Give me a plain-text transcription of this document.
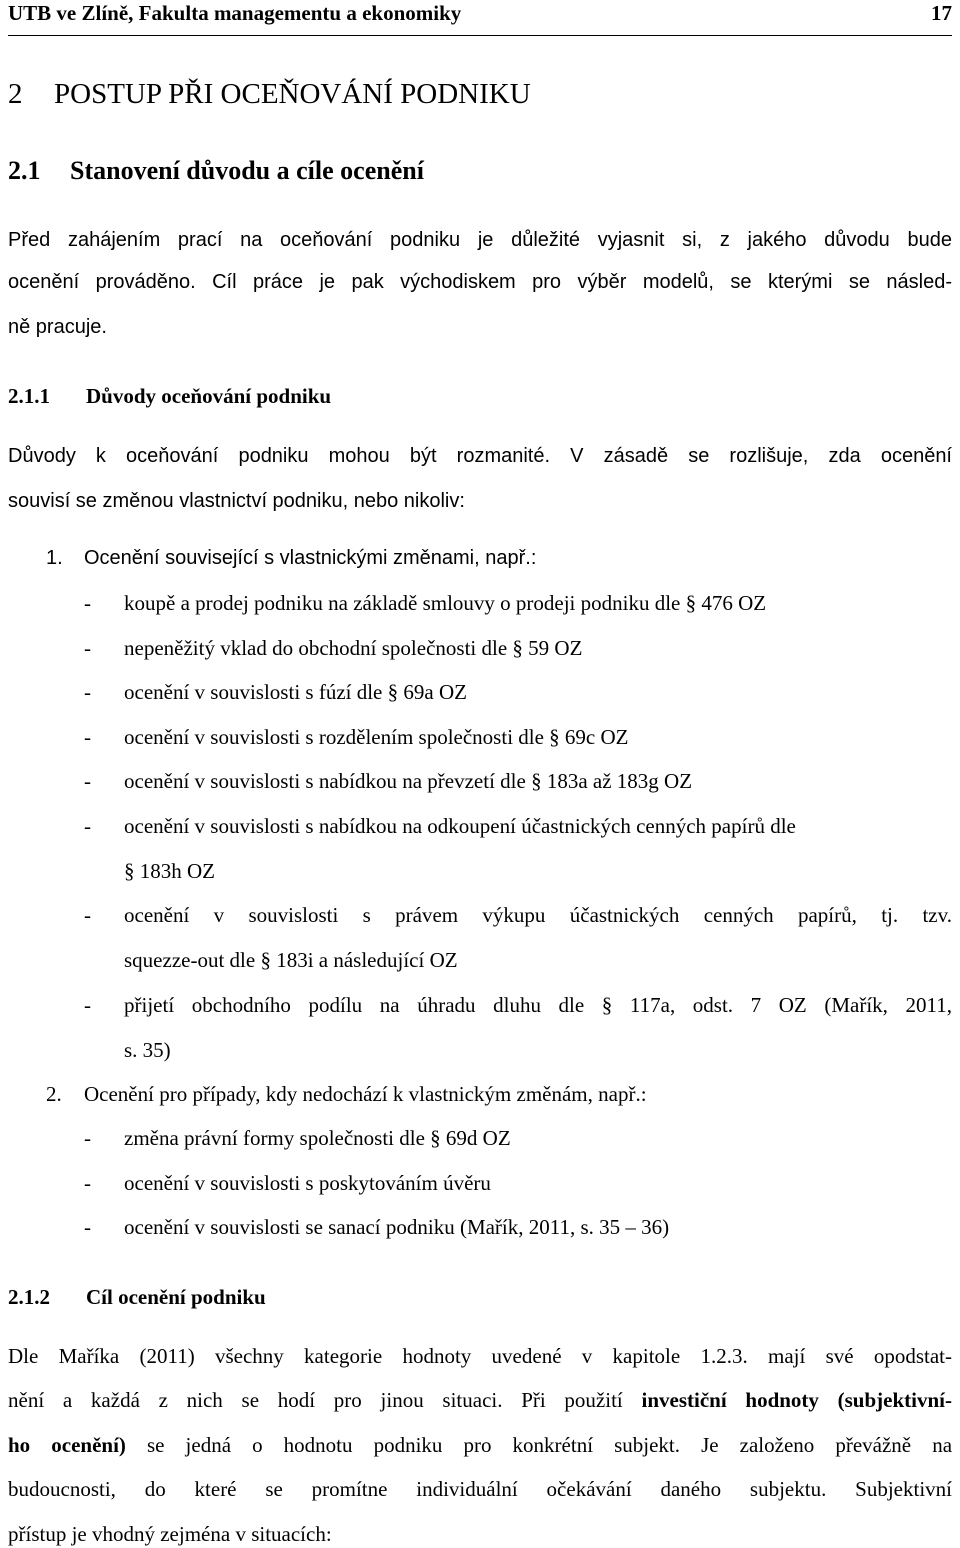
UTB ve Zlíně, Fakulta managementu a ekonomiky	17
2 POSTUP PŘI OCEŇOVÁNÍ PODNIKU
2.1 Stanovení důvodu a cíle ocenění
Před zahájením prací na oceňování podniku je důležité vyjasnit si, z jakého důvodu bude
ocenění prováděno. Cíl práce je pak východiskem pro výběr modelů, se kterými se násled-
ně pracuje.
2.1.1 Důvody oceňování podniku
Důvody k oceňování podniku mohou být rozmanité. V zásadě se rozlišuje, zda ocenění
souvisí se změnou vlastnictví podniku, nebo nikoliv:
1. Ocenění související s vlastnickými změnami, např.:
- koupě a prodej podniku na základě smlouvy o prodeji podniku dle § 476 OZ
- nepeněžitý vklad do obchodní společnosti dle § 59 OZ
- ocenění v souvislosti s fúzí dle § 69a OZ
- ocenění v souvislosti s rozdělením společnosti dle § 69c OZ
- ocenění v souvislosti s nabídkou na převzetí dle § 183a až 183g OZ
- ocenění v souvislosti s nabídkou na odkoupení účastnických cenných papírů dle
§ 183h OZ
- ocenění v souvislosti s právem výkupu účastnických cenných papírů, tj. tzv.
squezze-out dle § 183i a následující OZ
- přijetí obchodního podílu na úhradu dluhu dle § 117a, odst. 7 OZ (Mařík, 2011,
s. 35)
2. Ocenění pro případy, kdy nedochází k vlastnickým změnám, např.:
- změna právní formy společnosti dle § 69d OZ
- ocenění v souvislosti s poskytováním úvěru
- ocenění v souvislosti se sanací podniku (Mařík, 2011, s. 35 – 36)
2.1.2 Cíl ocenění podniku
Dle Maříka (2011) všechny kategorie hodnoty uvedené v kapitole 1.2.3. mají své opodstat-
nění a každá z nich se hodí pro jinou situaci. Při použití investiční hodnoty (subjektivní-
ho ocenění) se jedná o hodnotu podniku pro konkrétní subjekt. Je založeno převážně na
budoucnosti, do které se promítne individuální očekávání daného subjektu. Subjektivní
přístup je vhodný zejména v situacích:
